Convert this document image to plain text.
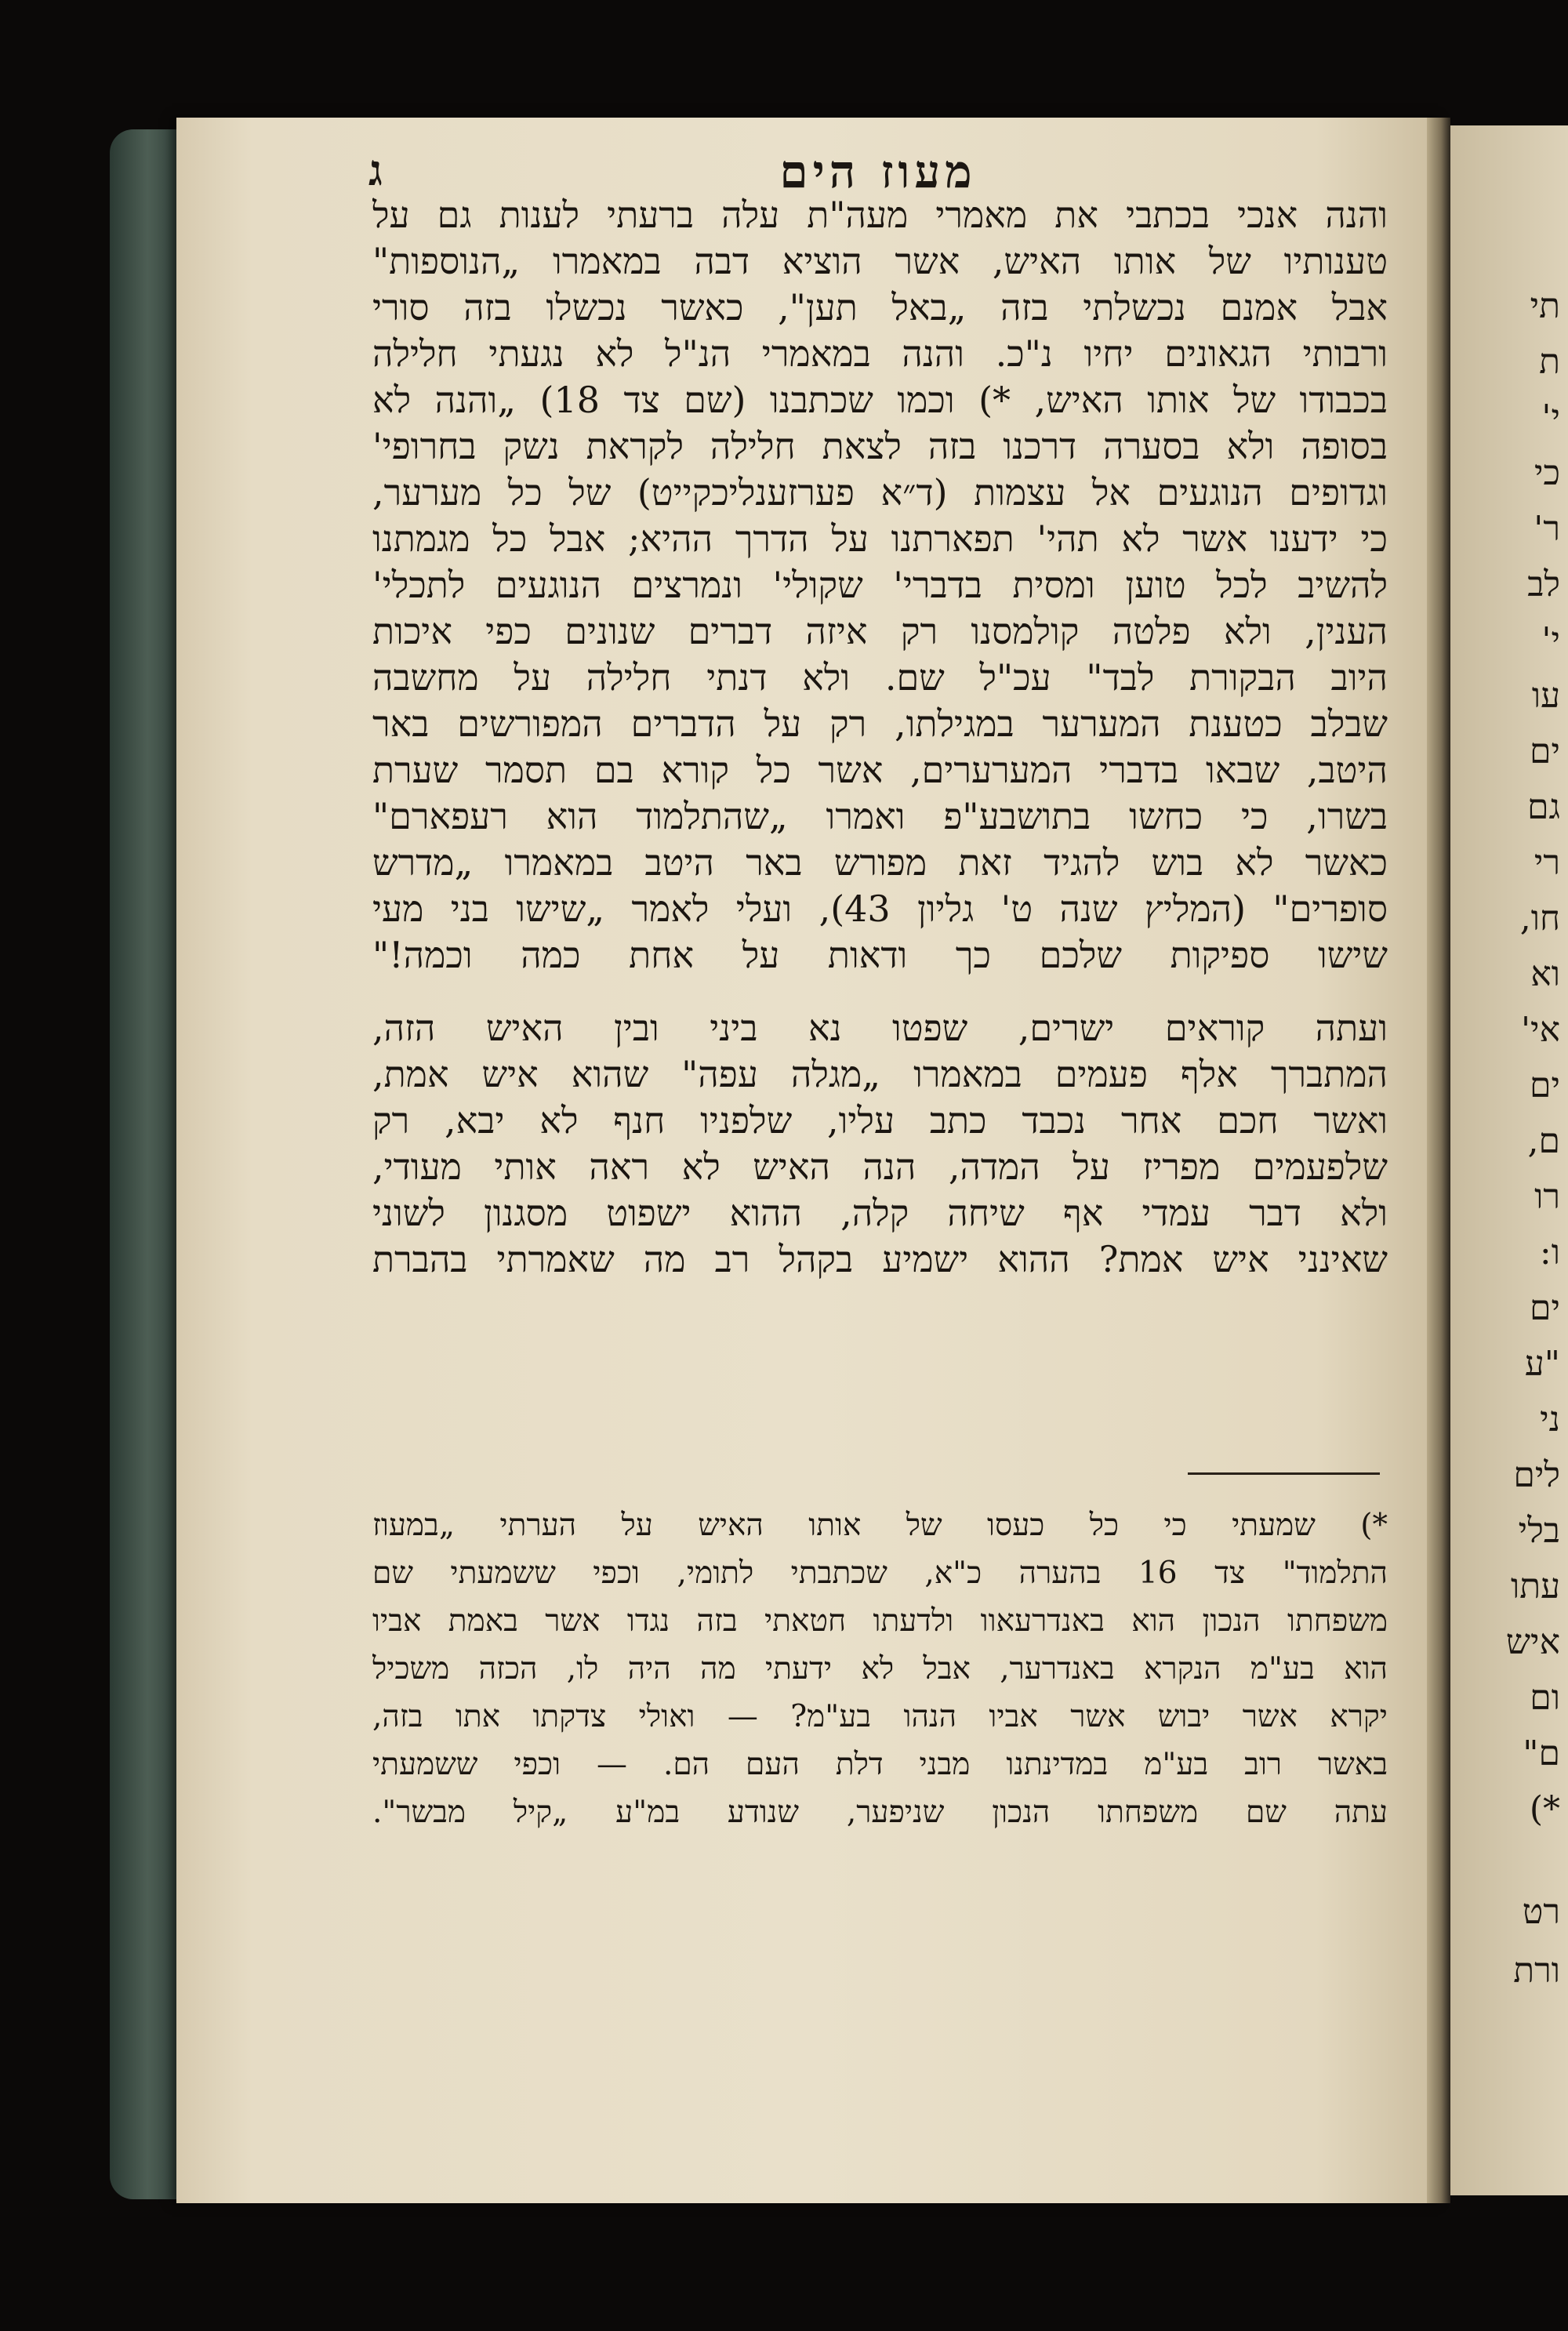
תי
ת
י'
כי
ר'
לב
י'
עו
ים
גם
רי
חו,
וא
אי'
ים
ם,
רו
ו:
ים
"ע
ני
לים
בלי
עתו
איש
ום
ם"
*)
רט
ורת
מעוז הים
ג
והנה אנכי בכתבי את מאמרי מעה"ת עלה ברעתי לענות גם על
טענותיו של אותו האיש, אשר הוציא דבה במאמרו „הנוספות"
אבל אמנם נכשלתי בזה „באל תען", כאשר נכשלו בזה סורי
ורבותי הגאונים יחיו נ"כ. והנה במאמרי הנ"ל לא נגעתי חלילה
בכבודו של אותו האיש, *) וכמו שכתבנו (שם צד 18) „והנה לא
בסופה ולא בסערה דרכנו בזה לצאת חלילה לקראת נשק בחרופי'
וגדופים הנוגעים אל עצמות (ד״א פערזענליכקייט) של כל מערער,
כי ידענו אשר לא תהי' תפארתנו על הדרך ההיא; אבל כל מגמתנו
להשיב לכל טוען ומסית בדברי' שקולי' ונמרצים הנוגעים לתכלי'
הענין, ולא פלטה קולמסנו רק איזה דברים שנונים כפי איכות
היוב הבקורת לבד" עכ"ל שם. ולא דנתי חלילה על מחשבה
שבלב כטענת המערער במגילתו, רק על הדברים המפורשים באר
היטב, שבאו בדברי המערערים, אשר כל קורא בם תסמר שערת
בשרו, כי כחשו בתושבע"פ ואמרו „שהתלמוד הוא רעפארם"
כאשר לא בוש להגיד זאת מפורש באר היטב במאמרו „מדרש
סופרים" (המליץ שנה ט' גליון 43), ועלי לאמר „שישו בני מעי
שישו ספיקות שלכם כך ודאות על אחת כמה וכמה!"
ועתה קוראים ישרים, שפטו נא ביני ובין האיש הזה,
המתברך אלף פעמים במאמרו „מגלה עפה" שהוא איש אמת,
ואשר חכם אחר נכבד כתב עליו, שלפניו חנף לא יבא, רק
שלפעמים מפריז על המדה, הנה האיש לא ראה אותי מעודי,
ולא דבר עמדי אף שיחה קלה, ההוא ישפוט מסגנון לשוני
שאינני איש אמת? ההוא ישמיע בקהל רב מה שאמרתי בהברת
*) שמעתי כי כל כעסו של אותו האיש על הערתי „במעוז
התלמוד" צד 16 בהערה כ"א, שכתבתי לתומי, וכפי ששמעתי שם
משפחתו הנכון הוא באנדרעאוו ולדעתו חטאתי בזה נגדו אשר באמת אביו
הוא בע"מ הנקרא באנדרער, אבל לא ידעתי מה היה לו, הכזה משכיל
יקרא אשר יבוש אשר אביו הנהו בע"מ? — ואולי צדקתו אתו בזה,
באשר רוב בע"מ במדינתנו מבני דלת העם הם. — וכפי ששמעתי
עתה שם משפחתו הנכון שניפער, שנודע במ"ע „קיל מבשר".
